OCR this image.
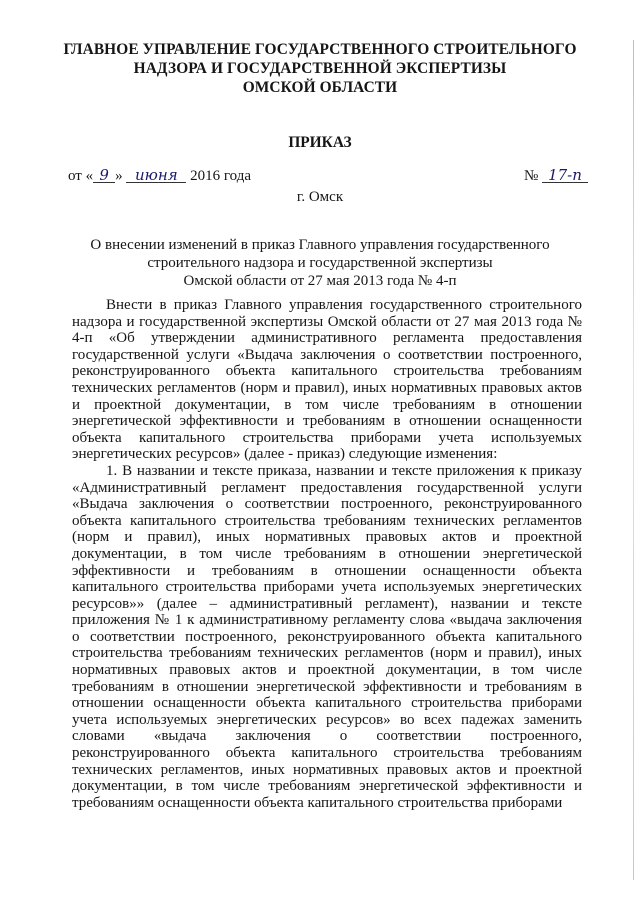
ГЛАВНОЕ УПРАВЛЕНИЕ ГОСУДАРСТВЕННОГО СТРОИТЕЛЬНОГО
НАДЗОРА И ГОСУДАРСТВЕННОЙ ЭКСПЕРТИЗЫ
ОМСКОЙ ОБЛАСТИ
ПРИКАЗ
от « 9 » июня 2016 года	№ 17-п
г. Омск
О внесении изменений в приказ Главного управления государственного
строительного надзора и государственной экспертизы
Омской области от 27 мая 2013 года № 4-п

Внести в приказ Главного управления государственного строительного надзора и государственной экспертизы Омской области от 27 мая 2013 года № 4-п «Об утверждении административного регламента предоставления государственной услуги «Выдача заключения о соответствии построенного, реконструированного объекта капитального строительства требованиям технических регламентов (норм и правил), иных нормативных правовых актов и проектной документации, в том числе требованиям в отношении энергетической эффективности и требованиям в отношении оснащенности объекта капитального строительства приборами учета используемых энергетических ресурсов» (далее - приказ) следующие изменения:

1. В названии и тексте приказа, названии и тексте приложения к приказу «Административный регламент предоставления государственной услуги «Выдача заключения о соответствии построенного, реконструированного объекта капитального строительства требованиям технических регламентов (норм и правил), иных нормативных правовых актов и проектной документации, в том числе требованиям в отношении энергетической эффективности и требованиям в отношении оснащенности объекта капитального строительства приборами учета используемых энергетических ресурсов»» (далее – административный регламент), названии и тексте приложения № 1 к административному регламенту слова «выдача заключения о соответствии построенного, реконструированного объекта капитального строительства требованиям технических регламентов (норм и правил), иных нормативных правовых актов и проектной документации, в том числе требованиям в отношении энергетической эффективности и требованиям в отношении оснащенности объекта капитального строительства приборами учета используемых энергетических ресурсов» во всех падежах заменить словами «выдача заключения о соответствии построенного, реконструированного объекта капитального строительства требованиям технических регламентов, иных нормативных правовых актов и проектной документации, в том числе требованиям энергетической эффективности и требованиям оснащенности объекта капитального строительства приборами
